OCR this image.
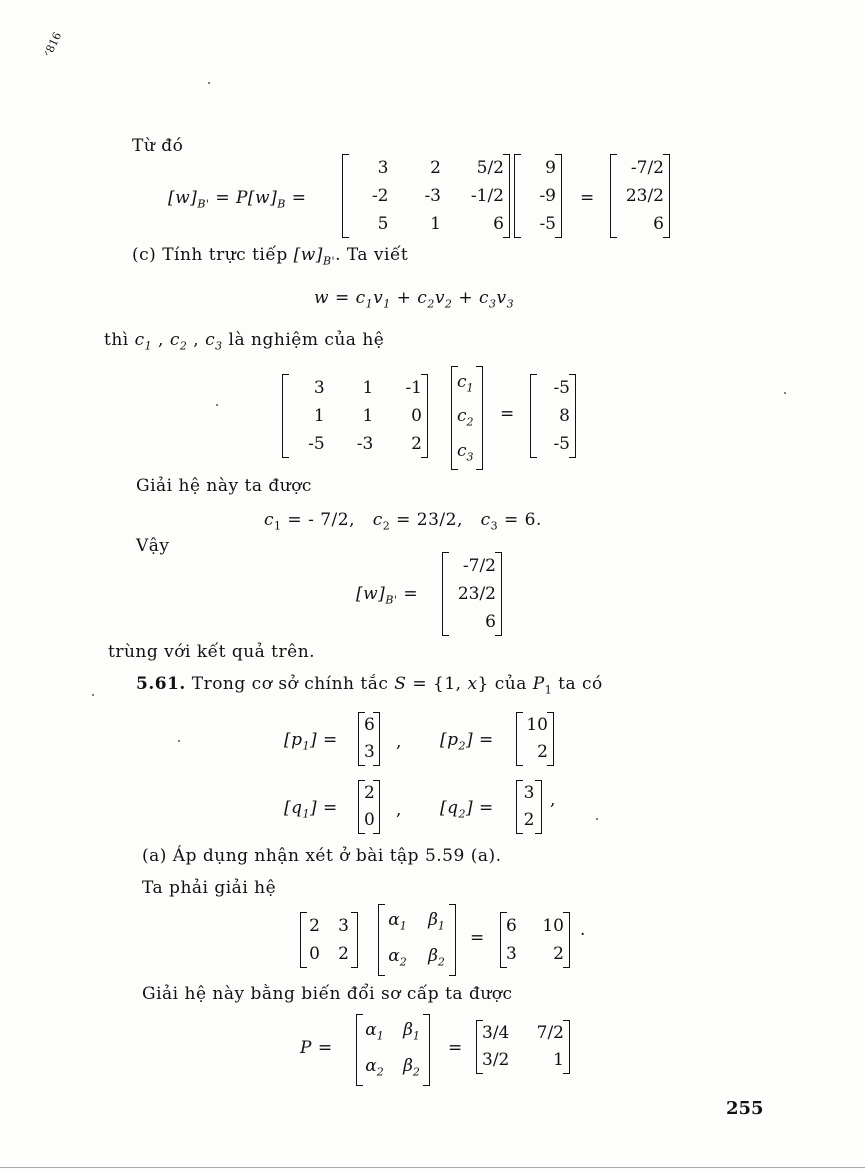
ᐟ816
Từ đó
$[w]_{B'} = P[w]_B$ =
3	2	5/2
-2	-3	-1/2
5	1	6
9
-9
-5
=
-7/2
23/2
6
(c) Tính trực tiếp $[w]_{B'}$. Ta viết
$w = c_1v_1 + c_2v_2 + c_3v_3$
thì $c_1$ , $c_2$ , $c_3$ là nghiệm của hệ
3	1	-1
1	1	0
-5	-3	2
$c_1$
$c_2$
$c_3$
=
-5
8
-5
Giải hệ này ta được
$c_1$ = - 7/2,   $c_2 = 23/2$,   $c_3 = 6$.
Vậy
$[w]_{B'}$ =
-7/2
23/2
6
trùng với kết quả trên.
5.61. Trong cơ sở chính tắc S = {1, x} của $P_1$ ta có
$[p_1]$ =
6
3	, $[p_2]$ =
10
2
$[q_1]$ =
2
0	, $[q_2]$ =
3
2
,
(a) Áp dụng nhận xét ở bài tập 5.59 (a).
Ta phải giải hệ
2	3
0	2
$\alpha_1$	$\beta_1$
$\alpha_2$	$\beta_2$
=
6	10
3	2
.
Giải hệ này bằng biến đổi sơ cấp ta được
P =
$\alpha_1$	$\beta_1$
$\alpha_2$	$\beta_2$
=
3/4	7/2
3/2	1
255
